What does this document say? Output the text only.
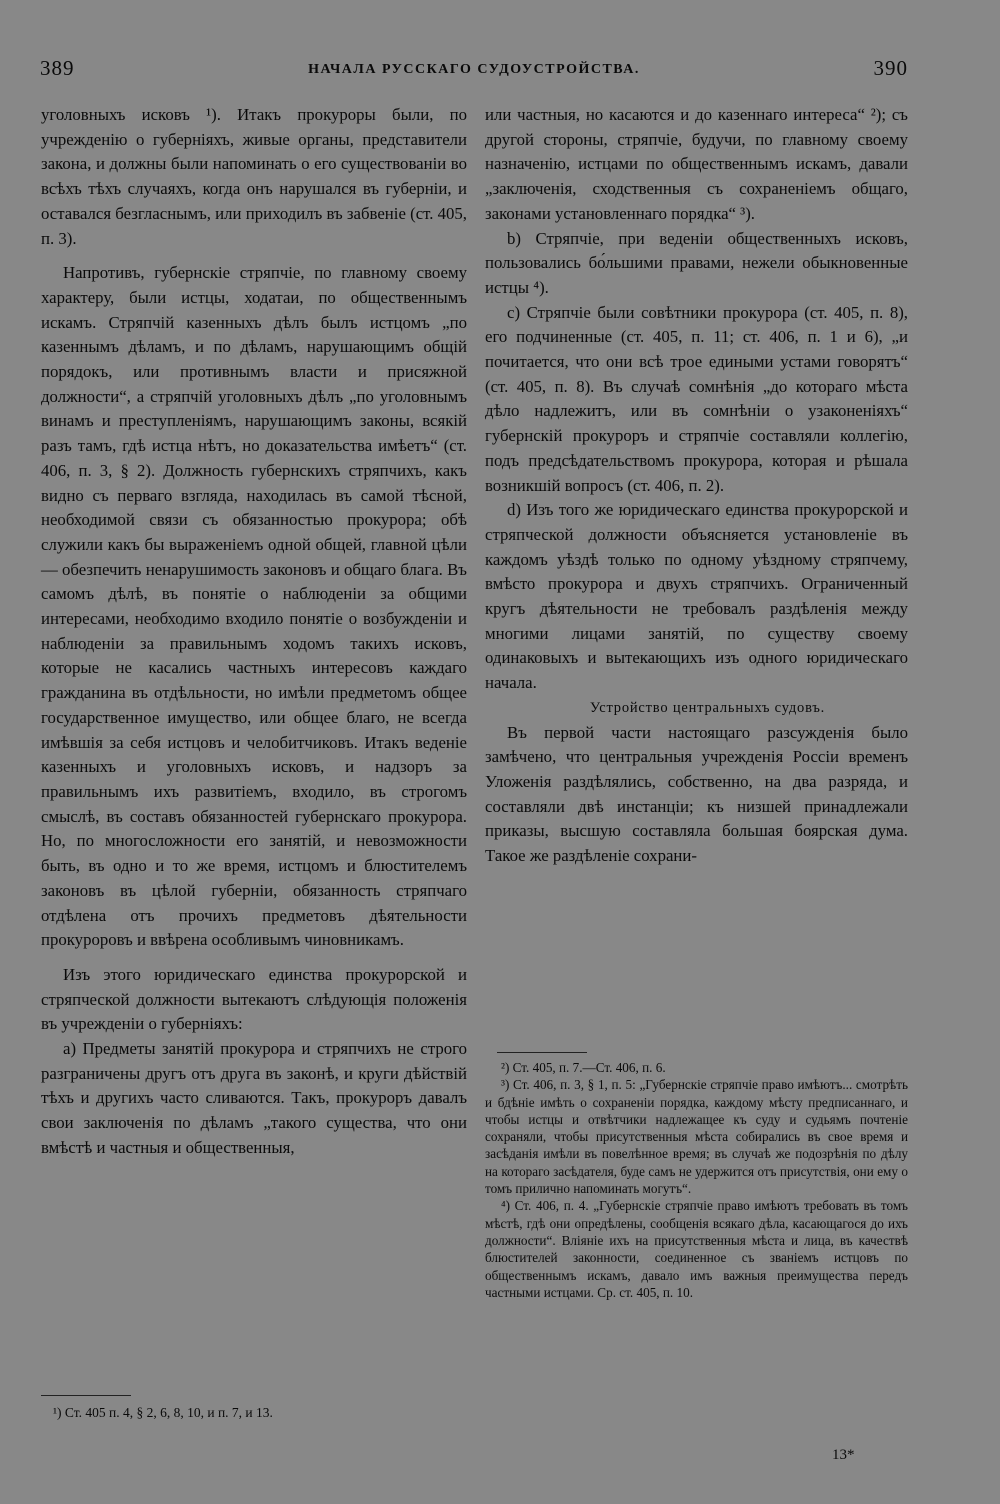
389	НАЧАЛА РУССКАГО СУДОУСТРОЙСТВА.	390

уголовныхъ исковъ ¹). Итакъ прокуроры были, по учрежденію о губерніяхъ, живые органы, представители закона, и должны были напоминать о его существованіи во всѣхъ тѣхъ случаяхъ, когда онъ нарушался въ губерніи, и оставался безгласнымъ, или приходилъ въ забвеніе (ст. 405, п. 3).

Напротивъ, губернскіе стряпчіе, по главному своему характеру, были истцы, ходатаи, по общественнымъ искамъ. Стряпчій казенныхъ дѣлъ былъ истцомъ „по казеннымъ дѣламъ, и по дѣламъ, нарушающимъ общій порядокъ, или противнымъ власти и присяжной должности“, а стряпчій уголовныхъ дѣлъ „по уголовнымъ винамъ и преступленіямъ, нарушающимъ законы, всякій разъ тамъ, гдѣ истца нѣтъ, но доказательства имѣетъ“ (ст. 406, п. 3, § 2). Должность губернскихъ стряпчихъ, какъ видно съ перваго взгляда, находилась въ самой тѣсной, необходимой связи съ обязанностью прокурора; обѣ служили какъ бы выраженіемъ одной общей, главной цѣли — обезпечить ненарушимость законовъ и общаго блага. Въ самомъ дѣлѣ, въ понятіе о наблюденіи за общими интересами, необходимо входило понятіе о возбужденіи и наблюденіи за правильнымъ ходомъ такихъ исковъ, которые не касались частныхъ интересовъ каждаго гражданина въ отдѣльности, но имѣли предметомъ общее государственное имущество, или общее благо, не всегда имѣвшія за себя истцовъ и челобитчиковъ. Итакъ веденіе казенныхъ и уголовныхъ исковъ, и надзоръ за правильнымъ ихъ развитіемъ, входило, въ строгомъ смыслѣ, въ составъ обязанностей губернскаго прокурора. Но, по многосложности его занятій, и невозможности быть, въ одно и то же время, истцомъ и блюстителемъ законовъ въ цѣлой губерніи, обязанность стряпчаго отдѣлена отъ прочихъ предметовъ дѣятельности прокуроровъ и ввѣрена особливымъ чиновникамъ.

Изъ этого юридическаго единства прокурорской и стряпческой должности вытекаютъ слѣдующія положенія въ учрежденіи о губерніяхъ:

a) Предметы занятій прокурора и стряпчихъ не строго разграничены другъ отъ друга въ законѣ, и круги дѣйствій тѣхъ и другихъ часто сливаются. Такъ, прокуроръ давалъ свои заключенія по дѣламъ „такого существа, что они вмѣстѣ и частныя и общественныя,

¹) Ст. 405 п. 4, § 2, 6, 8, 10, и п. 7, и 13.

или частныя, но касаются и до казеннаго интереса“ ²); съ другой стороны, стряпчіе, будучи, по главному своему назначенію, истцами по общественнымъ искамъ, давали „заключенія, сходственныя съ сохраненіемъ общаго, законами установленнаго порядка“ ³).

b) Стряпчіе, при веденіи общественныхъ исковъ, пользовались бо́льшими правами, нежели обыкновенные истцы ⁴).

c) Стряпчіе были совѣтники прокурора (ст. 405, п. 8), его подчиненные (ст. 405, п. 11; ст. 406, п. 1 и 6), „и почитается, что они всѣ трое едиными устами говорятъ“ (ст. 405, п. 8). Въ случаѣ сомнѣнія „до котораго мѣста дѣло надлежитъ, или въ сомнѣніи о узаконеніяхъ“ губернскій прокуроръ и стряпчіе составляли коллегію, подъ предсѣдательствомъ прокурора, которая и рѣшала возникшій вопросъ (ст. 406, п. 2).

d) Изъ того же юридическаго единства прокурорской и стряпческой должности объясняется установленіе въ каждомъ уѣздѣ только по одному уѣздному стряпчему, вмѣсто прокурора и двухъ стряпчихъ. Ограниченный кругъ дѣятельности не требовалъ раздѣленія между многими лицами занятій, по существу своему одинаковыхъ и вытекающихъ изъ одного юридическаго начала.

Устройство центральныхъ судовъ.

Въ первой части настоящаго разсужденія было замѣчено, что центральныя учрежденія Россіи временъ Уложенія раздѣлялись, собственно, на два разряда, и составляли двѣ инстанціи; къ низшей принадлежали приказы, высшую составляла большая боярская дума. Такое же раздѣленіе сохрани-

²) Ст. 405, п. 7.—Ст. 406, п. 6.

³) Ст. 406, п. 3, § 1, п. 5: „Губернскіе стряпчіе право имѣютъ... смотрѣть и бдѣніе имѣть о сохраненіи порядка, каждому мѣсту предписаннаго, и чтобы истцы и отвѣтчики надлежащее къ суду и судьямъ почтеніе сохраняли, чтобы присутственныя мѣста собирались въ свое время и засѣданія имѣли въ повелѣнное время; въ случаѣ же подозрѣнія по дѣлу на котораго засѣдателя, буде самъ не удержится отъ присутствія, они ему о томъ прилично напоминать могутъ“.

⁴) Ст. 406, п. 4. „Губернскіе стряпчіе право имѣютъ требовать въ томъ мѣстѣ, гдѣ они опредѣлены, сообщенія всякаго дѣла, касающагося до ихъ должности“. Вліяніе ихъ на присутственныя мѣста и лица, въ качествѣ блюстителей законности, соединенное съ званіемъ истцовъ по общественнымъ искамъ, давало имъ важныя преимущества передъ частными истцами. Ср. ст. 405, п. 10.

13*
